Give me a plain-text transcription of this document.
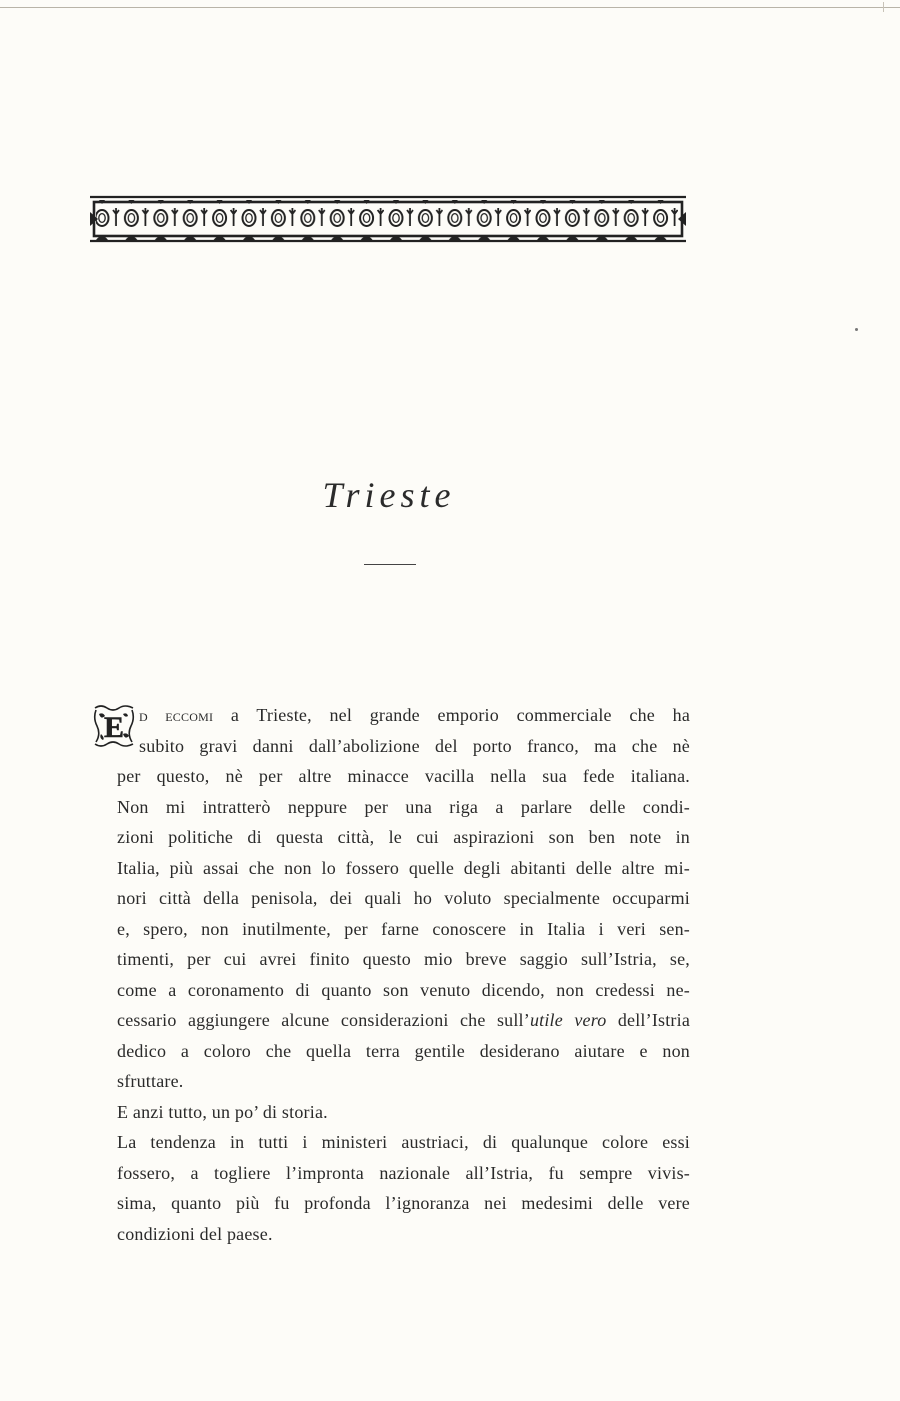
Trieste
E d eccomi a Trieste, nel grande emporio commerciale che ha
subito gravi danni dall’abolizione del porto franco, ma che nè
per questo, nè per altre minacce vacilla nella sua fede italiana.
Non mi intratterò neppure per una riga a parlare delle condi-
zioni politiche di questa città, le cui aspirazioni son ben note in
Italia, più assai che non lo fossero quelle degli abitanti delle altre mi-
nori città della penisola, dei quali ho voluto specialmente occuparmi
e, spero, non inutilmente, per farne conoscere in Italia i veri sen-
timenti, per cui avrei finito questo mio breve saggio sull’Istria, se,
come a coronamento di quanto son venuto dicendo, non credessi ne-
cessario aggiungere alcune considerazioni che sull’utile vero dell’Istria
dedico a coloro che quella terra gentile desiderano aiutare e non
sfruttare.
E anzi tutto, un po’ di storia.
La tendenza in tutti i ministeri austriaci, di qualunque colore essi
fossero, a togliere l’impronta nazionale all’Istria, fu sempre vivis-
sima, quanto più fu profonda l’ignoranza nei medesimi delle vere
condizioni del paese.
